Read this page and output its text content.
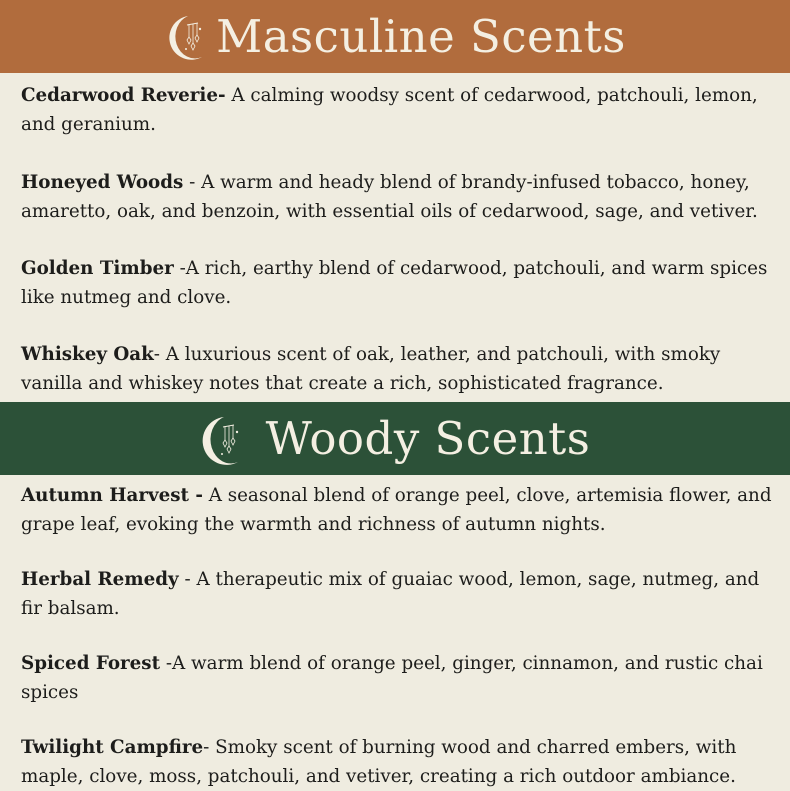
Masculine Scents
Cedarwood Reverie- A calming woodsy scent of cedarwood, patchouli, lemon, and geranium.
Honeyed Woods - A warm and heady blend of brandy-infused tobacco, honey, amaretto, oak, and benzoin, with essential oils of cedarwood, sage, and vetiver.
Golden Timber -A rich, earthy blend of cedarwood, patchouli, and warm spices like nutmeg and clove.
Whiskey Oak- A luxurious scent of oak, leather, and patchouli, with smoky vanilla and whiskey notes that create a rich, sophisticated fragrance.
Woody Scents
Autumn Harvest - A seasonal blend of orange peel, clove, artemisia flower, and grape leaf, evoking the warmth and richness of autumn nights.
Herbal Remedy - A therapeutic mix of guaiac wood, lemon, sage, nutmeg, and fir balsam.
Spiced Forest -A warm blend of orange peel, ginger, cinnamon, and rustic chai spices
Twilight Campfire- Smoky scent of burning wood and charred embers, with maple, clove, moss, patchouli, and vetiver, creating a rich outdoor ambiance.
